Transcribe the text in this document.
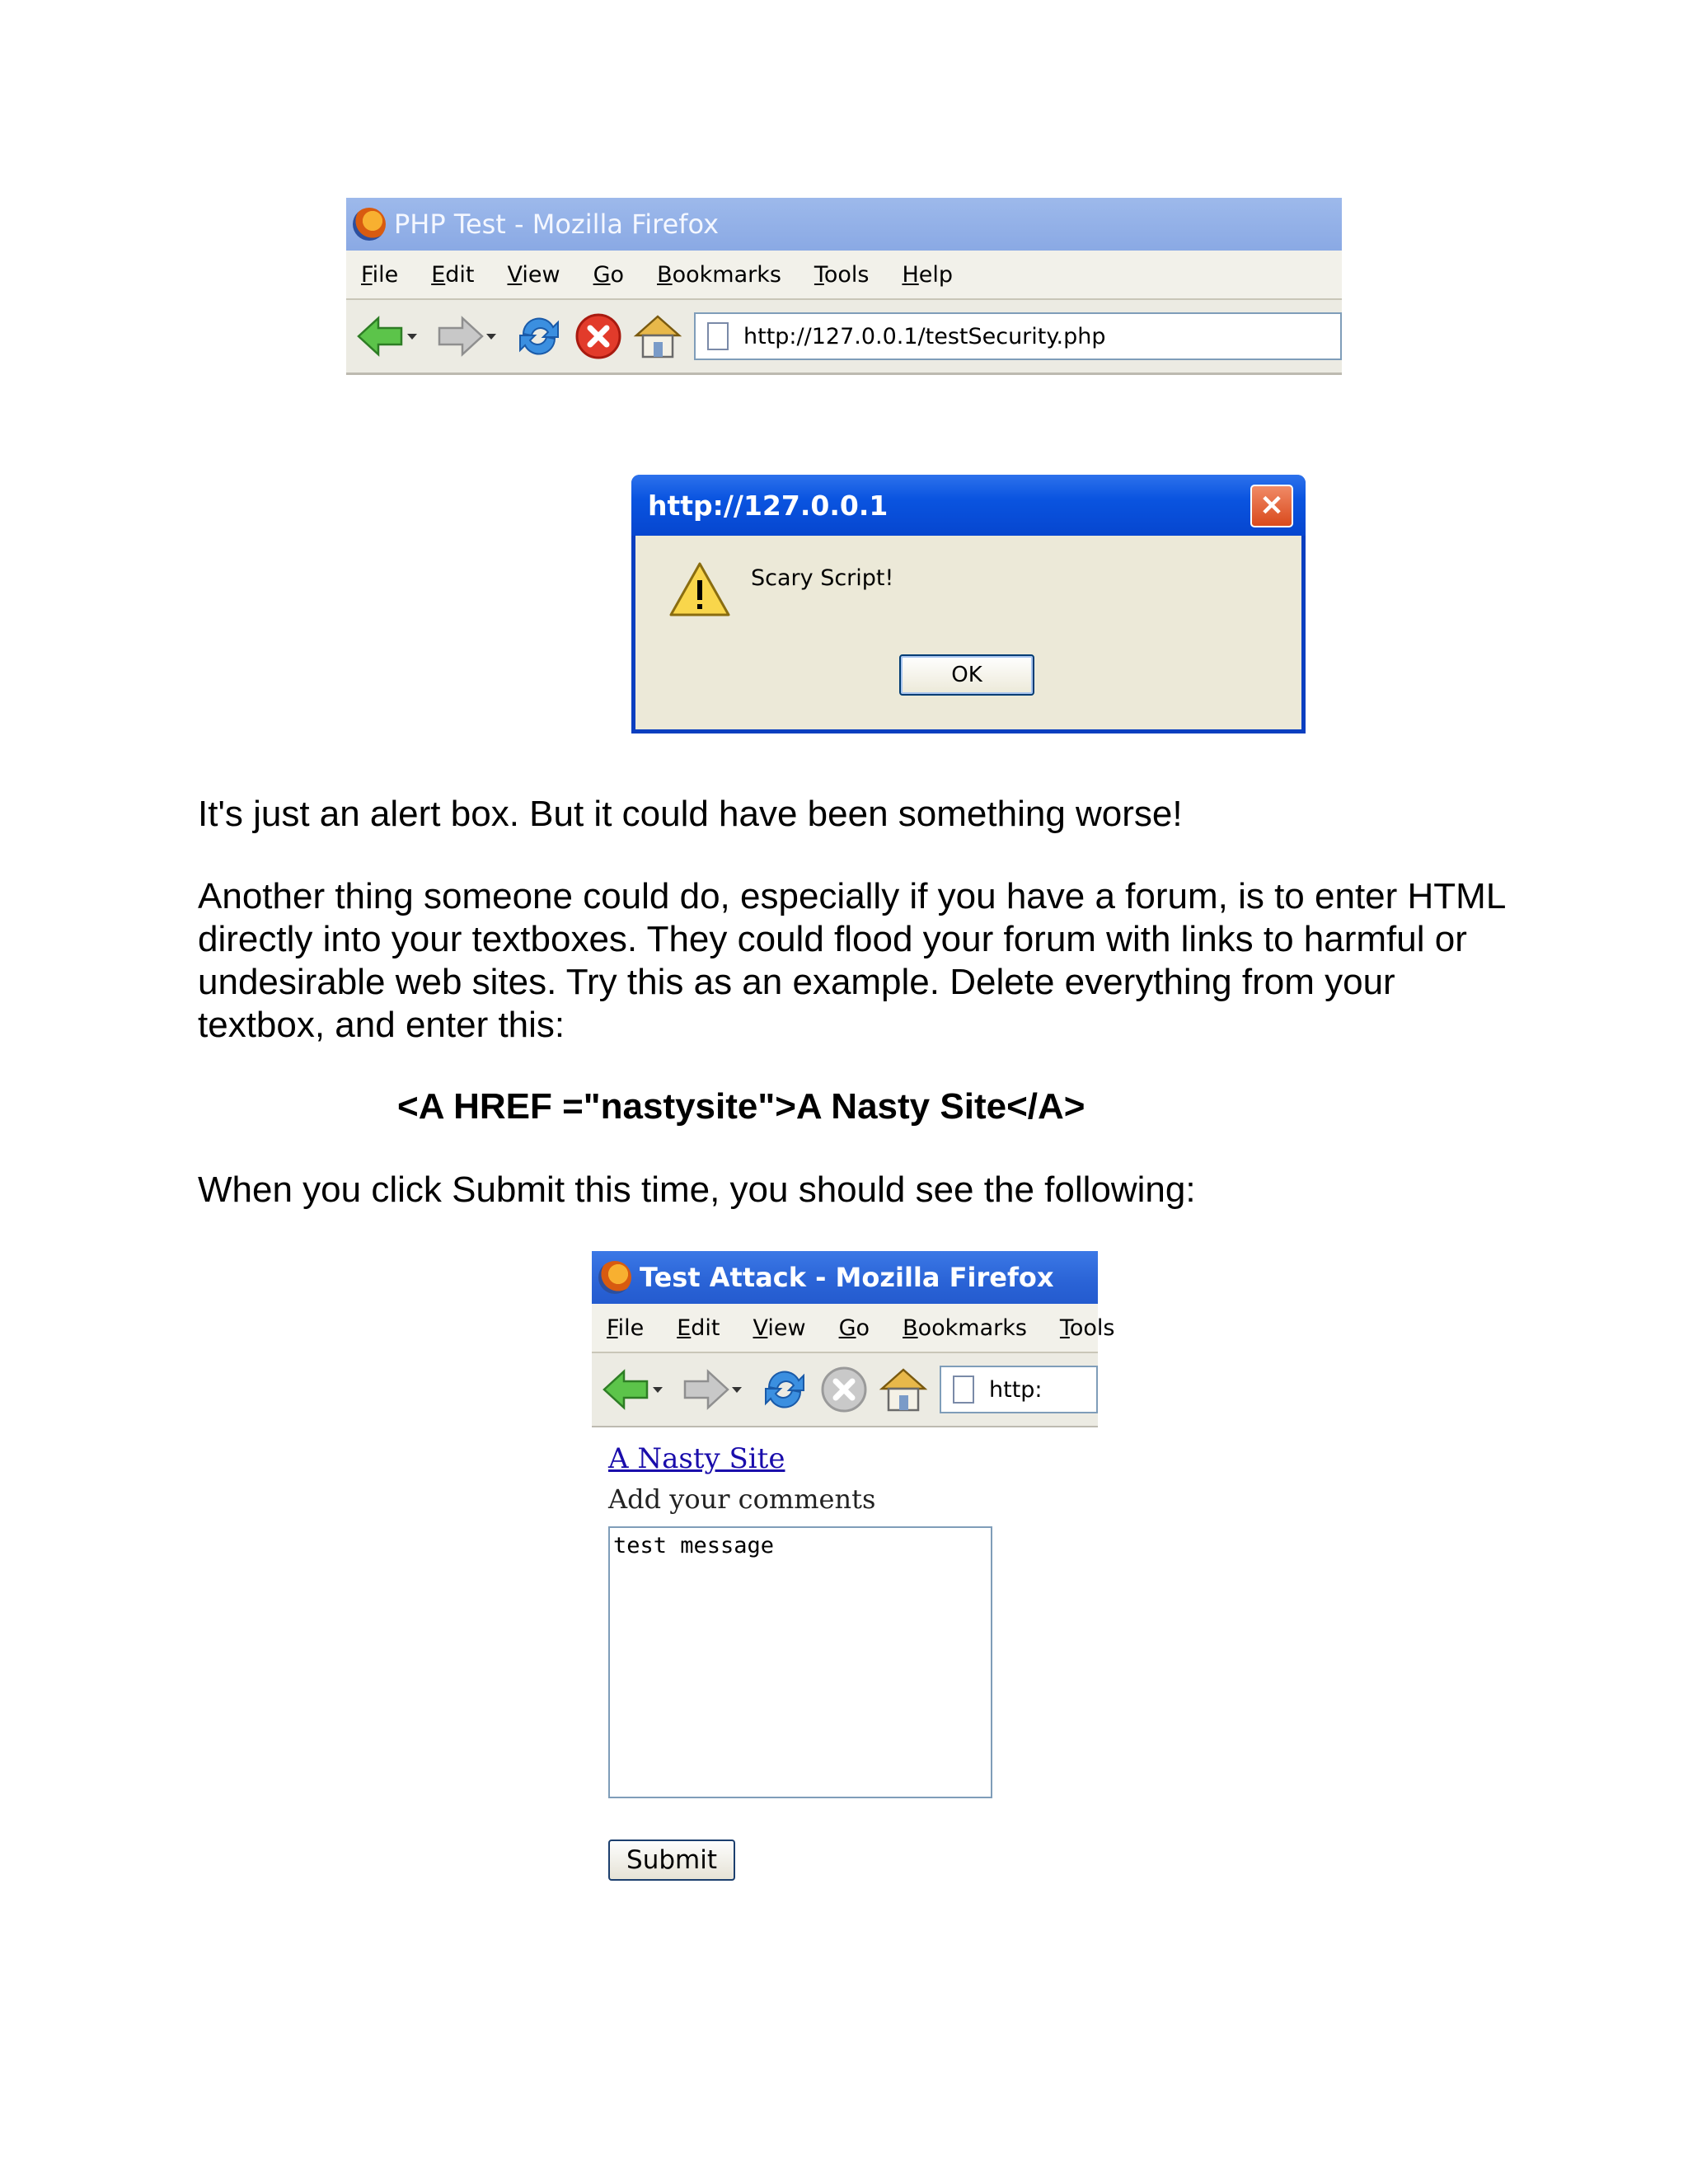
PHP Test - Mozilla Firefox
File Edit View Go Bookmarks Tools Help
http://127.0.0.1/testSecurity.php
http://127.0.0.1	✕
Scary Script!
OK
It's just an alert box. But it could have been something worse!
Another thing someone could do, especially if you have a forum, is to enter HTML directly into your textboxes. They could flood your forum with links to harmful or undesirable web sites. Try this as an example. Delete everything from your textbox, and enter this:
<A HREF ="nastysite">A Nasty Site</A>
When you click Submit this time, you should see the following:
Test Attack - Mozilla Firefox
File Edit View Go Bookmarks Tools
http:
A Nasty Site
Add your comments
test message
Submit
